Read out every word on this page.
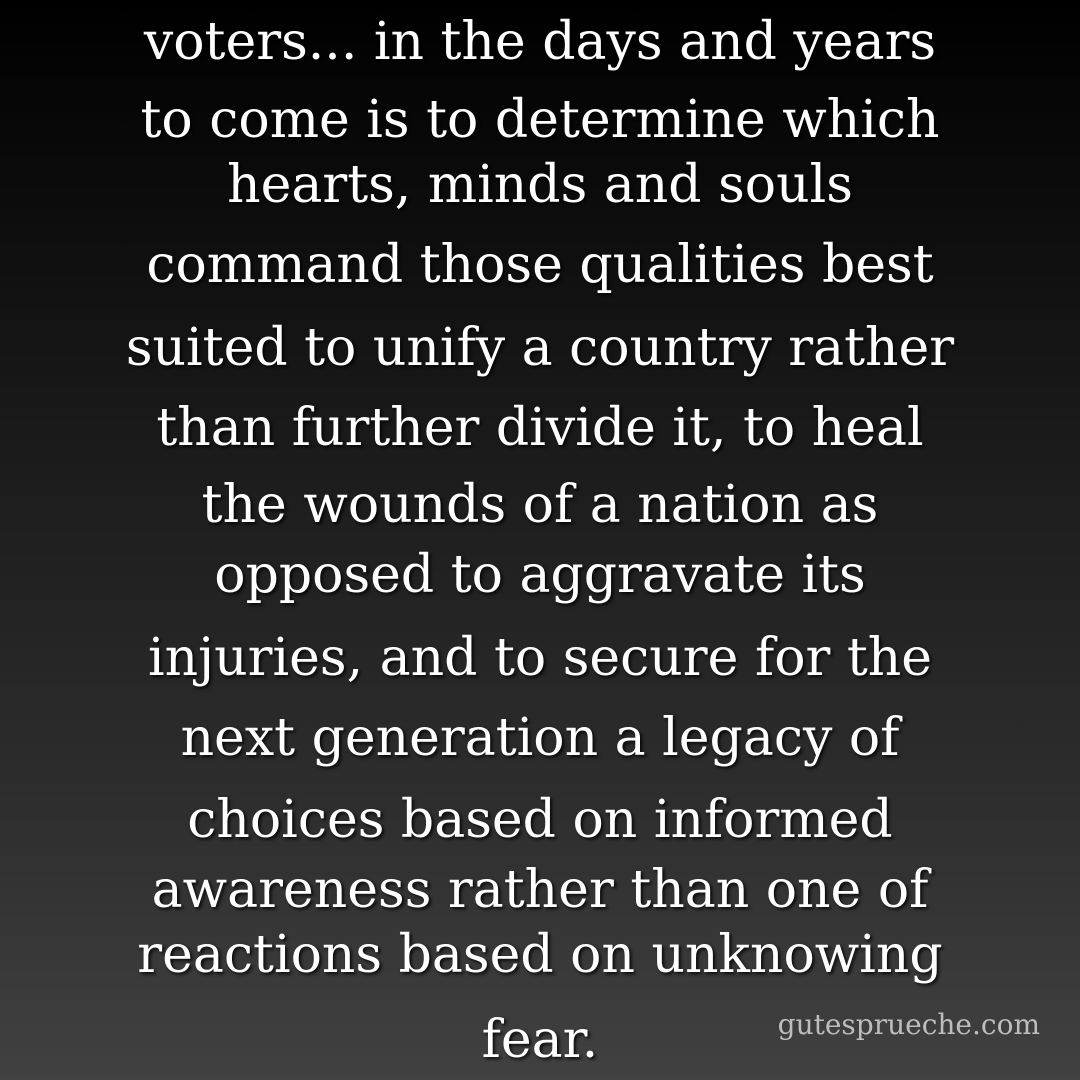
voters... in the days and years
to come is to determine which
hearts, minds and souls
command those qualities best
suited to unify a country rather
than further divide it, to heal
the wounds of a nation as
opposed to aggravate its
injuries, and to secure for the
next generation a legacy of
choices based on informed
awareness rather than one of
reactions based on unknowing
fear.	gutesprueche.com
